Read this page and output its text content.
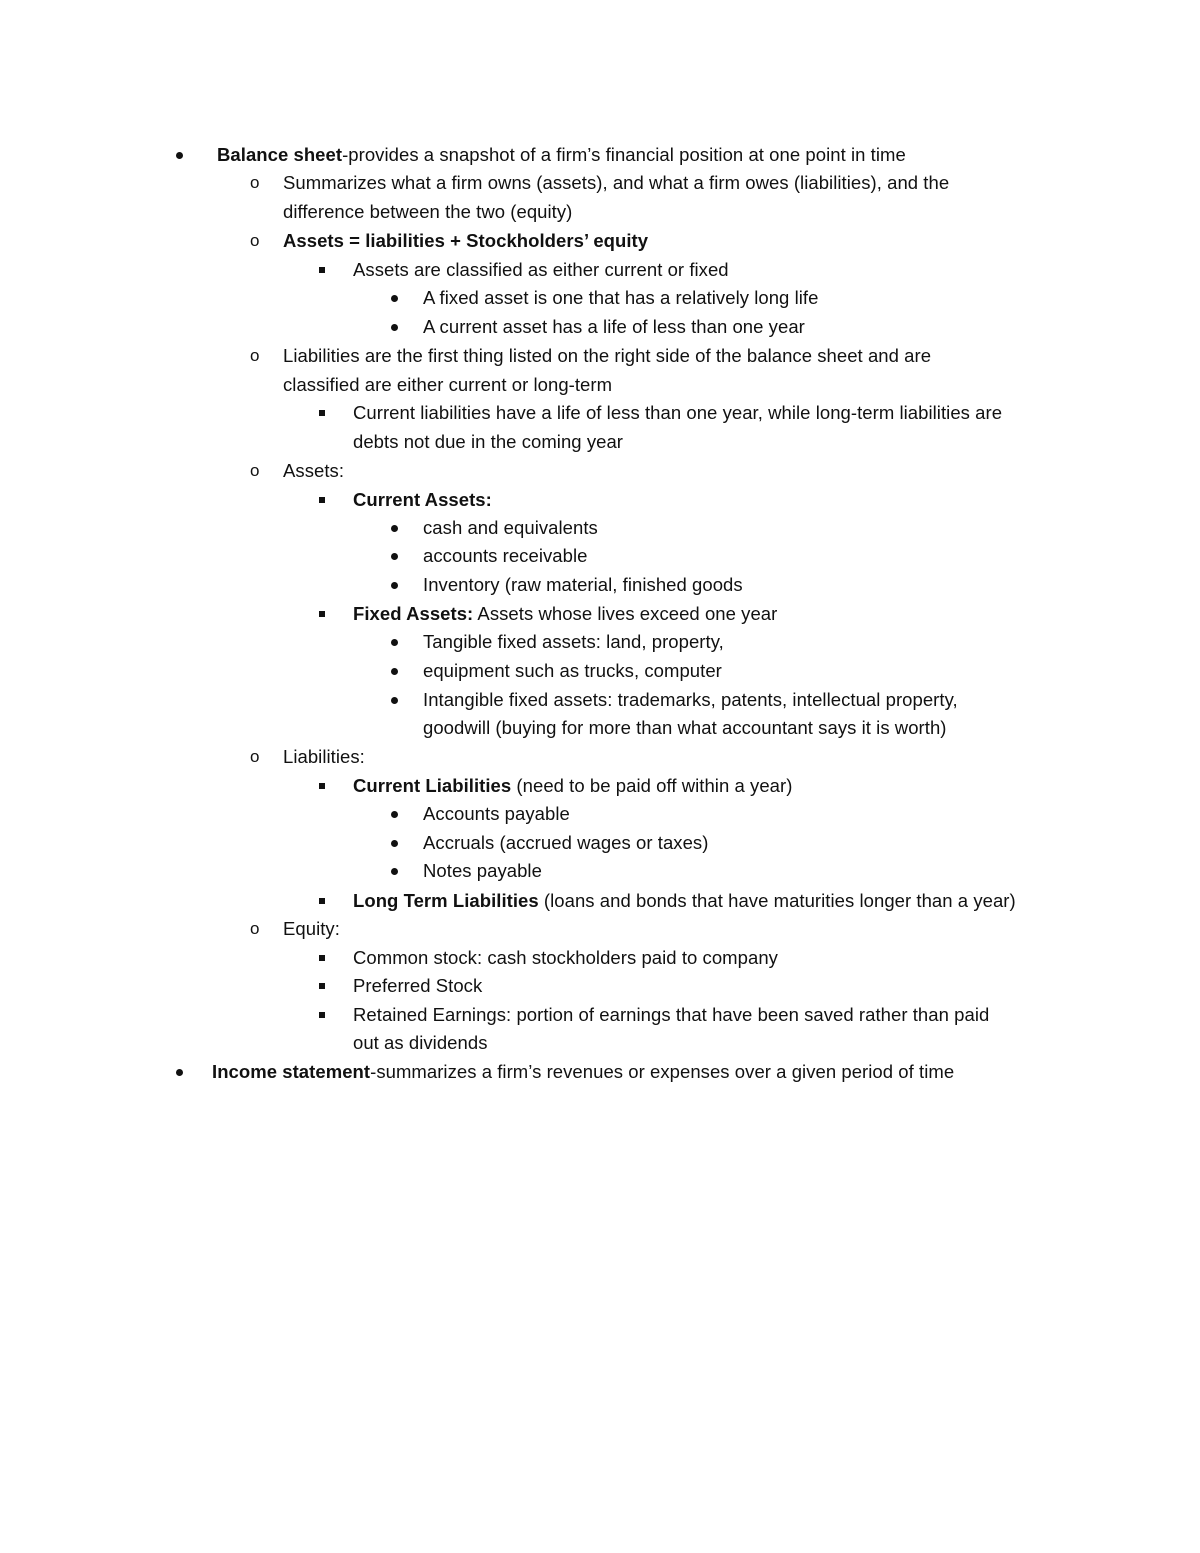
Balance sheet-provides a snapshot of a firm’s financial position at one point in time
o Summarizes what a firm owns (assets), and what a firm owes (liabilities), and the
difference between the two (equity)
o Assets = liabilities + Stockholders’ equity
Assets are classified as either current or fixed
A fixed asset is one that has a relatively long life
A current asset has a life of less than one year
o Liabilities are the first thing listed on the right side of the balance sheet and are
classified are either current or long-term
Current liabilities have a life of less than one year, while long-term liabilities are
debts not due in the coming year
o Assets:
Current Assets:
cash and equivalents
accounts receivable
Inventory (raw material, finished goods
Fixed Assets: Assets whose lives exceed one year
Tangible fixed assets: land, property,
equipment such as trucks, computer
Intangible fixed assets: trademarks, patents, intellectual property,
goodwill (buying for more than what accountant says it is worth)
o Liabilities:
Current Liabilities (need to be paid off within a year)
Accounts payable
Accruals (accrued wages or taxes)
Notes payable
Long Term Liabilities (loans and bonds that have maturities longer than a year)
o Equity:
Common stock: cash stockholders paid to company
Preferred Stock
Retained Earnings: portion of earnings that have been saved rather than paid
out as dividends
Income statement-summarizes a firm’s revenues or expenses over a given period of time
